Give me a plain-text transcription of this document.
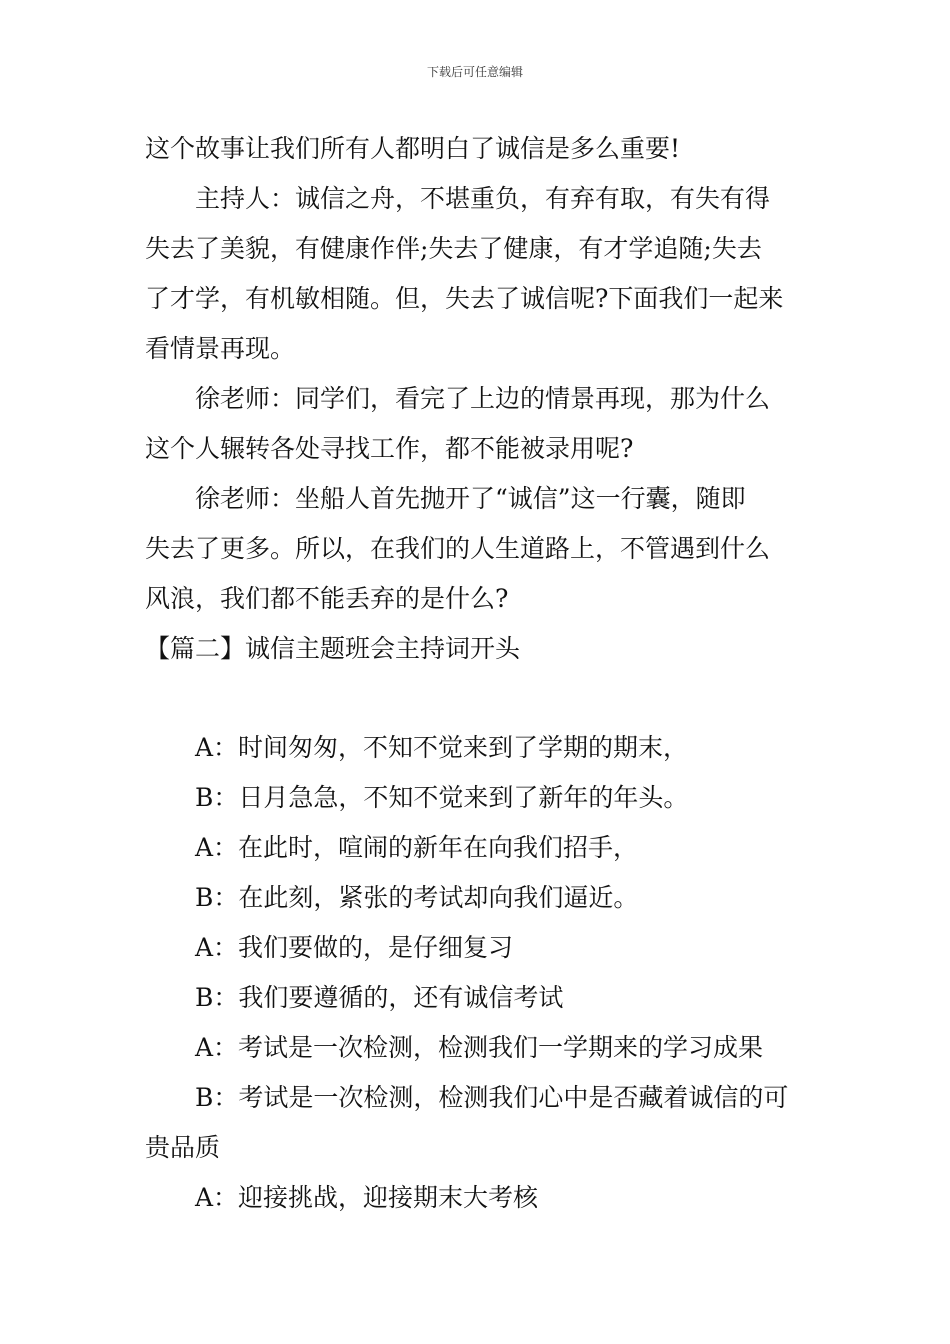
下载后可任意编辑
这个故事让我们所有人都明白了诚信是多么重要!
主持人：诚信之舟，不堪重负，有弃有取，有失有得
失去了美貌，有健康作伴;失去了健康，有才学追随;失去
了才学，有机敏相随。但，失去了诚信呢?下面我们一起来
看情景再现。
徐老师：同学们，看完了上边的情景再现，那为什么
这个人辗转各处寻找工作，都不能被录用呢?
徐老师：坐船人首先抛开了“诚信”这一行囊，随即
失去了更多。所以，在我们的人生道路上，不管遇到什么
风浪，我们都不能丢弃的是什么?
【篇二】诚信主题班会主持词开头
A：时间匆匆，不知不觉来到了学期的期末，
B：日月急急，不知不觉来到了新年的年头。
A：在此时，喧闹的新年在向我们招手，
B：在此刻，紧张的考试却向我们逼近。
A：我们要做的，是仔细复习
B：我们要遵循的，还有诚信考试
A：考试是一次检测，检测我们一学期来的学习成果
B：考试是一次检测，检测我们心中是否藏着诚信的可
贵品质
A：迎接挑战，迎接期末大考核
